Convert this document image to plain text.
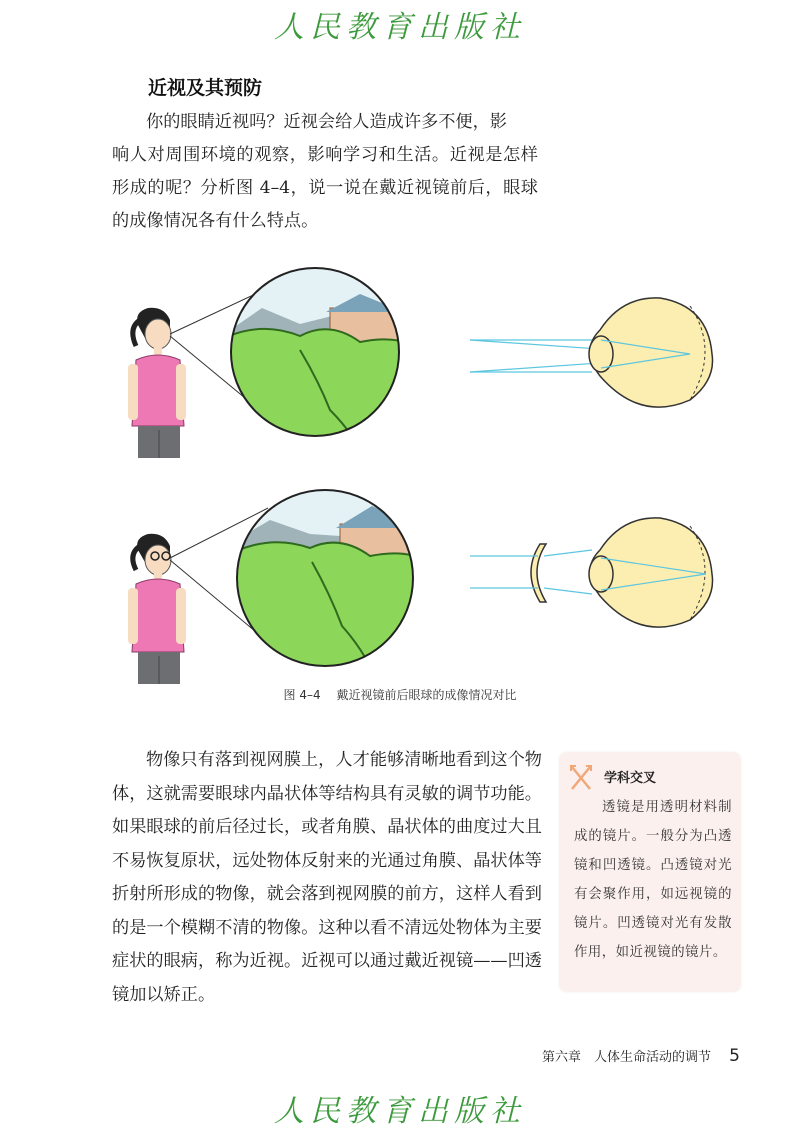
人民教育出版社
近视及其预防
你的眼睛近视吗？近视会给人造成许多不便，影
响人对周围环境的观察，影响学习和生活。近视是怎样形成的呢？分析图 4–4，说一说在戴近视镜前后，眼球的成像情况各有什么特点。
图 4–4 戴近视镜前后眼球的成像情况对比

物像只有落到视网膜上，人才能够清晰地看到这个物体，这就需要眼球内晶状体等结构具有灵敏的调节功能。如果眼球的前后径过长，或者角膜、晶状体的曲度过大且不易恢复原状，远处物体反射来的光通过角膜、晶状体等折射所形成的物像，就会落到视网膜的前方，这样人看到的是一个模糊不清的物像。这种以看不清远处物体为主要症状的眼病，称为近视。近视可以通过戴近视镜——凹透镜加以矫正。

学科交叉
透镜是用透明材料制成的镜片。一般分为凸透镜和凹透镜。凸透镜对光有会聚作用，如远视镜的镜片。凹透镜对光有发散作用，如近视镜的镜片。
第六章　人体生命活动的调节 5
人民教育出版社
